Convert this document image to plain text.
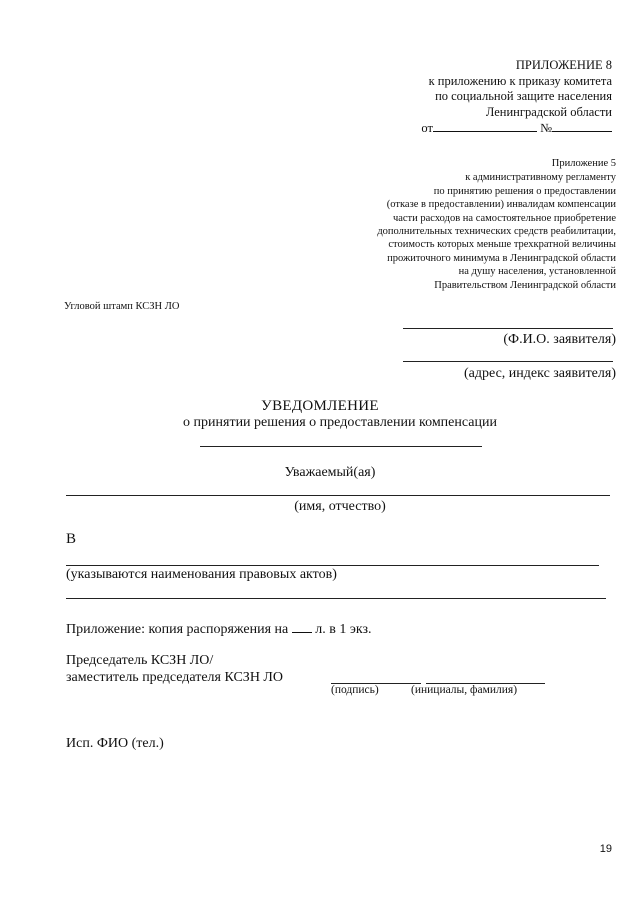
ПРИЛОЖЕНИЕ 8
к приложению к приказу комитета
по социальной защите населения
Ленинградской области
от	№
Приложение 5
к административному регламенту
по принятию решения о предоставлении
(отказе в предоставлении) инвалидам компенсации
части расходов на самостоятельное приобретение
дополнительных технических средств реабилитации,
стоимость которых меньше трехкратной величины
прожиточного минимума в Ленинградской области
на душу населения, установленной
Правительством Ленинградской области
Угловой штамп КСЗН ЛО
(Ф.И.О. заявителя)
(адрес, индекс заявителя)
УВЕДОМЛЕНИЕ
о принятии решения о предоставлении компенсации
Уважаемый(ая)
(имя, отчество)
В
(указываются наименования правовых актов)
Приложение: копия распоряжения на л. в 1 экз.
Председатель КСЗН ЛО/
заместитель председателя КСЗН ЛО
(подпись)	(инициалы, фамилия)
Исп. ФИО (тел.)
19
